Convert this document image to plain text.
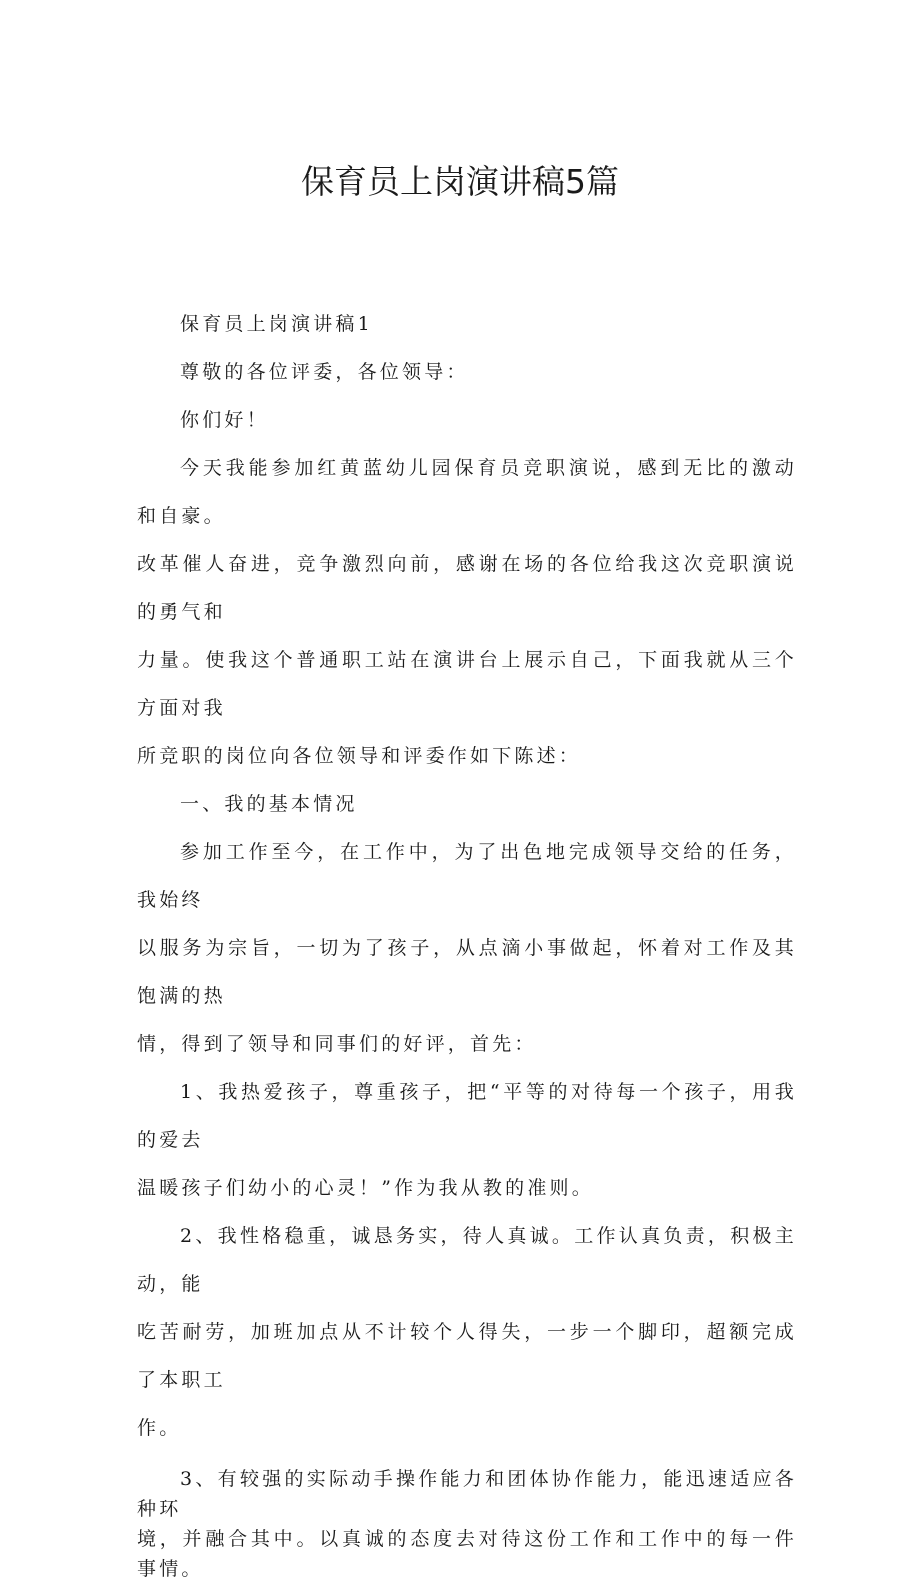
保育员上岗演讲稿5篇

保育员上岗演讲稿1

尊敬的各位评委，各位领导：

你们好！

今天我能参加红黄蓝幼儿园保育员竞职演说，感到无比的激动和自豪。
改革催人奋进，竞争激烈向前，感谢在场的各位给我这次竞职演说的勇气和
力量。使我这个普通职工站在演讲台上展示自己，下面我就从三个方面对我
所竞职的岗位向各位领导和评委作如下陈述：

一、我的基本情况

参加工作至今，在工作中，为了出色地完成领导交给的任务，我始终
以服务为宗旨，一切为了孩子，从点滴小事做起，怀着对工作及其饱满的热
情，得到了领导和同事们的好评，首先：

1、我热爱孩子，尊重孩子，把“平等的对待每一个孩子，用我的爱去
温暖孩子们幼小的心灵！”作为我从教的准则。

2、我性格稳重，诚恳务实，待人真诚。工作认真负责，积极主动，能
吃苦耐劳，加班加点从不计较个人得失，一步一个脚印，超额完成了本职工
作。

3、有较强的实际动手操作能力和团体协作能力，能迅速适应各种环
境，并融合其中。以真诚的态度去对待这份工作和工作中的每一件事情。
